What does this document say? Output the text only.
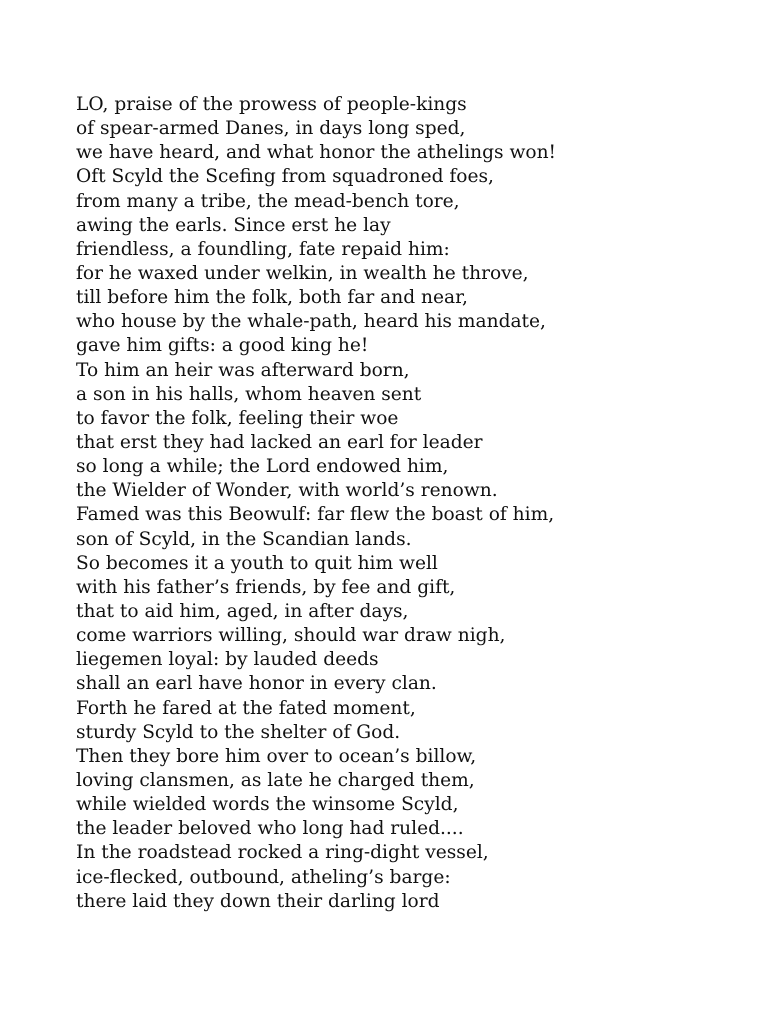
LO, praise of the prowess of people-kings
of spear-armed Danes, in days long sped,
we have heard, and what honor the athelings won!
Oft Scyld the Scefing from squadroned foes,
from many a tribe, the mead-bench tore,
awing the earls. Since erst he lay
friendless, a foundling, fate repaid him:
for he waxed under welkin, in wealth he throve,
till before him the folk, both far and near,
who house by the whale-path, heard his mandate,
gave him gifts: a good king he!
To him an heir was afterward born,
a son in his halls, whom heaven sent
to favor the folk, feeling their woe
that erst they had lacked an earl for leader
so long a while; the Lord endowed him,
the Wielder of Wonder, with world’s renown.
Famed was this Beowulf: far flew the boast of him,
son of Scyld, in the Scandian lands.
So becomes it a youth to quit him well
with his father’s friends, by fee and gift,
that to aid him, aged, in after days,
come warriors willing, should war draw nigh,
liegemen loyal: by lauded deeds
shall an earl have honor in every clan.
Forth he fared at the fated moment,
sturdy Scyld to the shelter of God.
Then they bore him over to ocean’s billow,
loving clansmen, as late he charged them,
while wielded words the winsome Scyld,
the leader beloved who long had ruled....
In the roadstead rocked a ring-dight vessel,
ice-flecked, outbound, atheling’s barge:
there laid they down their darling lord
